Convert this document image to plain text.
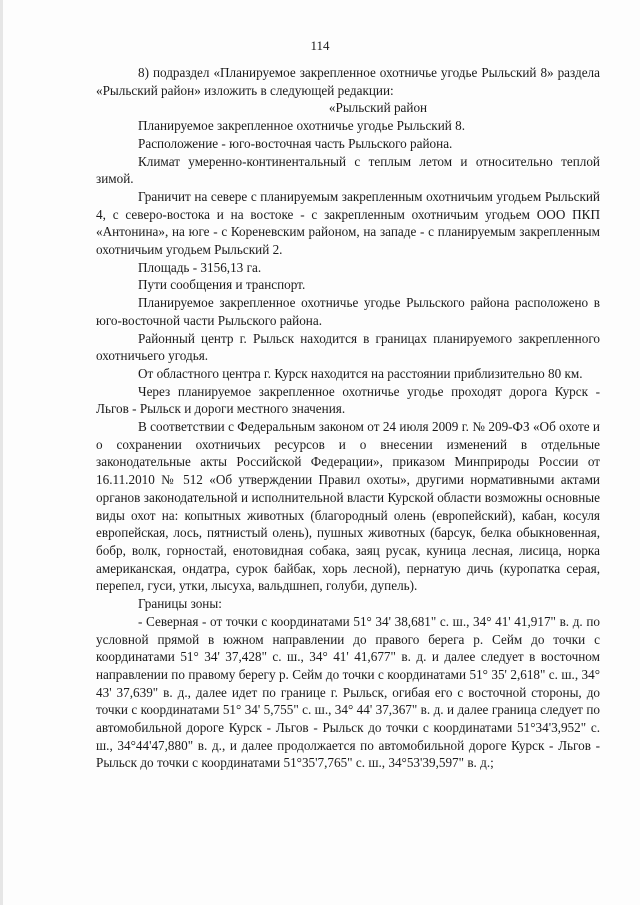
114

8) подраздел «Планируемое закрепленное охотничье угодье Рыльский 8» раздела «Рыльский район» изложить в следующей редакции:

«Рыльский район

Планируемое закрепленное охотничье угодье Рыльский 8.

Расположение - юго-восточная часть Рыльского района.

Климат умеренно-континентальный с теплым летом и относительно теплой зимой.

Граничит на севере с планируемым закрепленным охотничьим угодьем Рыльский 4, с северо-востока и на востоке - с закрепленным охотничьим угодьем ООО ПКП «Антонина», на юге - с Кореневским районом, на западе - с планируемым закрепленным охотничьим угодьем Рыльский 2.

Площадь - 3156,13 га.

Пути сообщения и транспорт.

Планируемое закрепленное охотничье угодье Рыльского района расположено в юго-восточной части Рыльского района.

Районный центр г. Рыльск находится в границах планируемого закрепленного охотничьего угодья.

От областного центра г. Курск находится на расстоянии приблизительно 80 км.

Через планируемое закрепленное охотничье угодье проходят дорога Курск - Льгов - Рыльск и дороги местного значения.

В соответствии с Федеральным законом от 24 июля 2009 г. № 209-ФЗ «Об охоте и о сохранении охотничьих ресурсов и о внесении изменений в отдельные законодательные акты Российской Федерации», приказом Минприроды России от 16.11.2010 № 512 «Об утверждении Правил охоты», другими нормативными актами органов законодательной и исполнительной власти Курской области возможны основные виды охот на: копытных животных (благородный олень (европейский), кабан, косуля европейская, лось, пятнистый олень), пушных животных (барсук, белка обыкновенная, бобр, волк, горностай, енотовидная собака, заяц русак, куница лесная, лисица, норка американская, ондатра, сурок байбак, хорь лесной), пернатую дичь (куропатка серая, перепел, гуси, утки, лысуха, вальдшнеп, голуби, дупель).

Границы зоны:

- Северная - от точки с координатами 51° 34' 38,681" с. ш., 34° 41' 41,917" в. д. по условной прямой в южном направлении до правого берега р. Сейм до точки с координатами 51° 34' 37,428" с. ш., 34° 41' 41,677" в. д. и далее следует в восточном направлении по правому берегу р. Сейм до точки с координатами 51° 35' 2,618" с. ш., 34° 43' 37,639" в. д., далее идет по границе г. Рыльск, огибая его с восточной стороны, до точки с координатами 51° 34' 5,755" с. ш., 34° 44' 37,367" в. д. и далее граница следует по автомобильной дороге Курск - Льгов - Рыльск до точки с координатами 51°34'3,952" с. ш., 34°44'47,880" в. д., и далее продолжается по автомобильной дороге Курск - Льгов - Рыльск до точки с координатами 51°35'7,765" с. ш., 34°53'39,597" в. д.;
